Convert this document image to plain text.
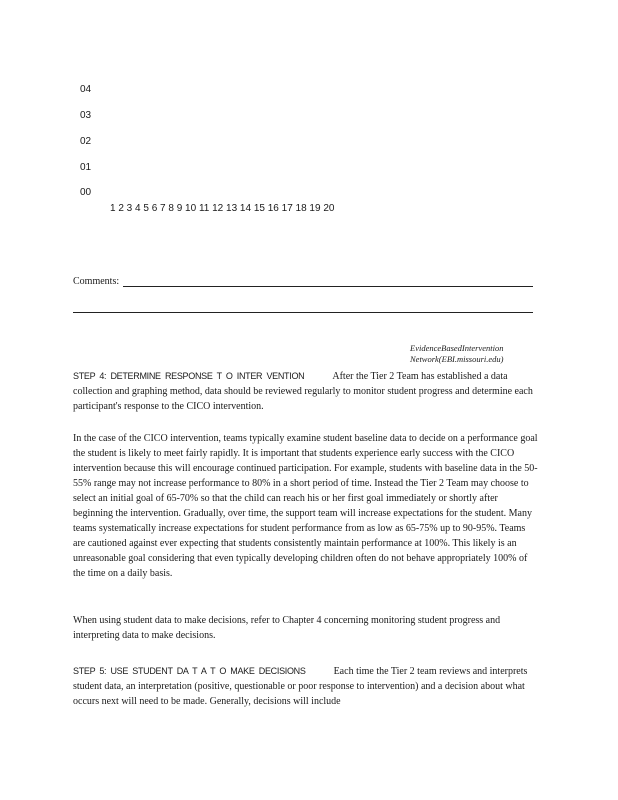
04
03
02
01
00
1 2 3 4 5 6 7 8 9 10 11 12 13 14 15 16 17 18 19 20
Comments:
EvidenceBasedIntervention
Network(EBI.missouri.edu)
STEP 4: DETERMINE RESPONSE T O INTER VENTION	After the Tier 2 Team has established a data collection and graphing method, data should be reviewed regularly to monitor student progress and determine each participant's response to the CICO intervention.
In the case of the CICO intervention, teams typically examine student baseline data to decide on a performance goal the student is likely to meet fairly rapidly. It is important that students experience early success with the CICO intervention because this will encourage continued participation. For example, students with baseline data in the 50-55% range may not increase performance to 80% in a short period of time. Instead the Tier 2 Team may choose to select an initial goal of 65-70% so that the child can reach his or her first goal immediately or shortly after beginning the intervention. Gradually, over time, the support team will increase expectations for the student. Many teams systematically increase expectations for student performance from as low as 65-75% up to 90-95%. Teams are cautioned against ever expecting that students consistently maintain performance at 100%. This likely is an unreasonable goal considering that even typically developing children often do not behave appropriately 100% of the time on a daily basis.
When using student data to make decisions, refer to Chapter 4 concerning monitoring student progress and interpreting data to make decisions.
STEP 5: USE STUDENT DA T A T O MAKE DECISIONS	Each time the Tier 2 team reviews and interprets student data, an interpretation (positive, questionable or poor response to intervention) and a decision about what occurs next will need to be made. Generally, decisions will include
